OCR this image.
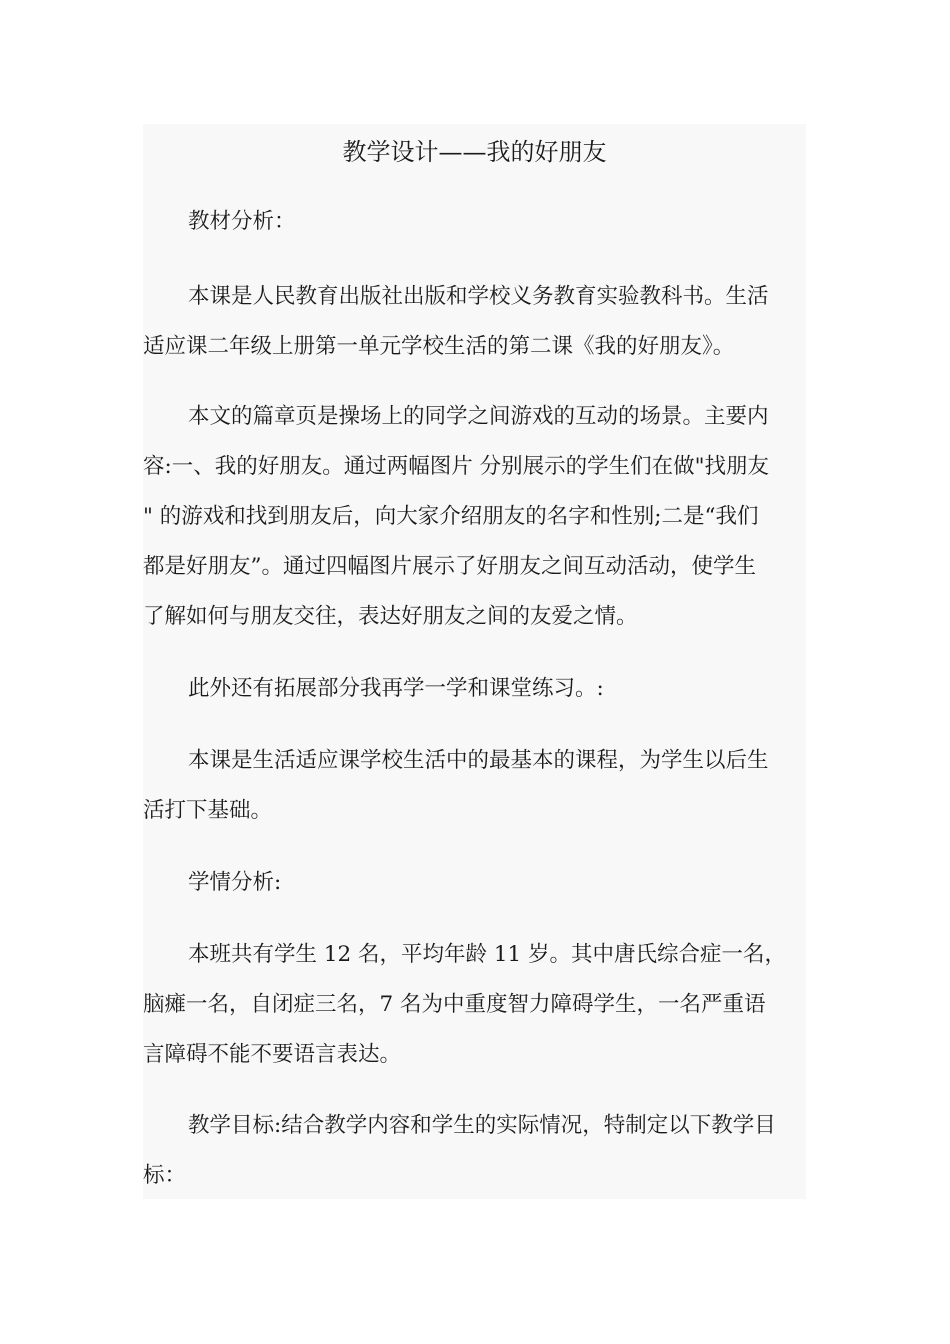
教学设计——我的好朋友
教材分析：
本课是人民教育出版社出版和学校义务教育实验教科书。生活
适应课二年级上册第一单元学校生活的第二课《我的好朋友》。
本文的篇章页是操场上的同学之间游戏的互动的场景。主要内
容:一、我的好朋友。通过两幅图片 分别展示的学生们在做"找朋友
" 的游戏和找到朋友后，向大家介绍朋友的名字和性别;二是“我们
都是好朋友”。通过四幅图片展示了好朋友之间互动活动，使学生
了解如何与朋友交往，表达好朋友之间的友爱之情。
此外还有拓展部分我再学一学和课堂练习。:
本课是生活适应课学校生活中的最基本的课程，为学生以后生
活打下基础。
学情分析:
本班共有学生 12 名，平均年龄 11 岁。其中唐氏综合症一名，
脑瘫一名，自闭症三名，7 名为中重度智力障碍学生，一名严重语
言障碍不能不要语言表达。
教学目标:结合教学内容和学生的实际情况，特制定以下教学目
标：
